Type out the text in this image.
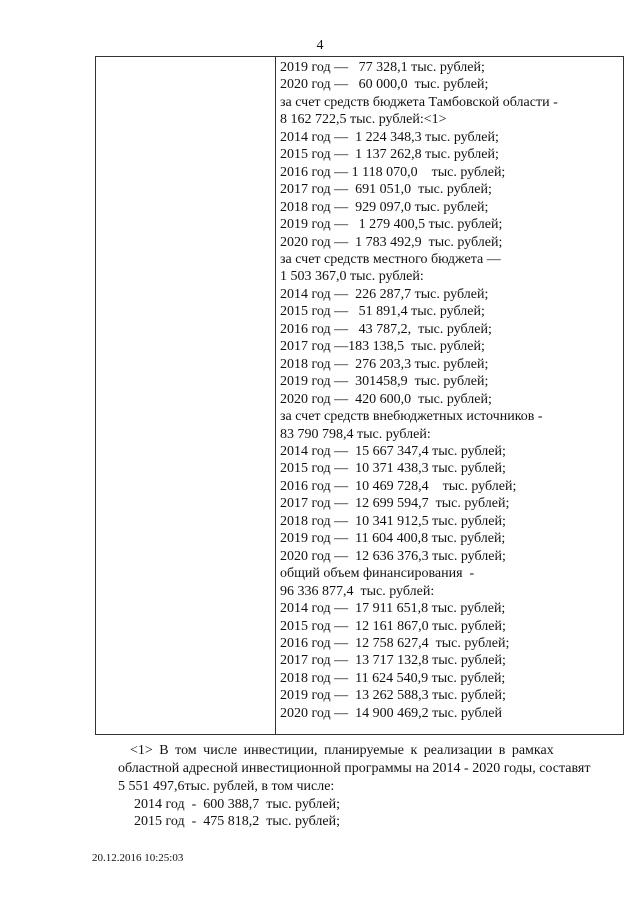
4
2019 год —   77 328,1 тыс. рублей;
2020 год —   60 000,0  тыс. рублей;
за счет средств бюджета Тамбовской области -
8 162 722,5 тыс. рублей:<1>
2014 год —  1 224 348,3 тыс. рублей;
2015 год —  1 137 262,8 тыс. рублей;
2016 год — 1 118 070,0    тыс. рублей;
2017 год —  691 051,0  тыс. рублей;
2018 год —  929 097,0 тыс. рублей;
2019 год —   1 279 400,5 тыс. рублей;
2020 год —  1 783 492,9  тыс. рублей;
за счет средств местного бюджета —
1 503 367,0 тыс. рублей:
2014 год —  226 287,7 тыс. рублей;
2015 год —   51 891,4 тыс. рублей;
2016 год —   43 787,2,  тыс. рублей;
2017 год —183 138,5  тыс. рублей;
2018 год —  276 203,3 тыс. рублей;
2019 год —  301458,9  тыс. рублей;
2020 год —  420 600,0  тыс. рублей;
за счет средств внебюджетных источников -
83 790 798,4 тыс. рублей:
2014 год —  15 667 347,4 тыс. рублей;
2015 год —  10 371 438,3 тыс. рублей;
2016 год —  10 469 728,4    тыс. рублей;
2017 год —  12 699 594,7  тыс. рублей;
2018 год —  10 341 912,5 тыс. рублей;
2019 год —  11 604 400,8 тыс. рублей;
2020 год —  12 636 376,3 тыс. рублей;
общий объем финансирования  -
96 336 877,4  тыс. рублей:
2014 год —  17 911 651,8 тыс. рублей;
2015 год —  12 161 867,0 тыс. рублей;
2016 год —  12 758 627,4  тыс. рублей;
2017 год —  13 717 132,8 тыс. рублей;
2018 год —  11 624 540,9 тыс. рублей;
2019 год —  13 262 588,3 тыс. рублей;
2020 год —  14 900 469,2 тыс. рублей
<1> В том числе инвестиции, планируемые к реализации в рамках
областной адресной инвестиционной программы на 2014 - 2020 годы, составят
5 551 497,6тыс. рублей, в том числе:
2014 год  -  600 388,7  тыс. рублей;
2015 год  -  475 818,2  тыс. рублей;
20.12.2016 10:25:03
